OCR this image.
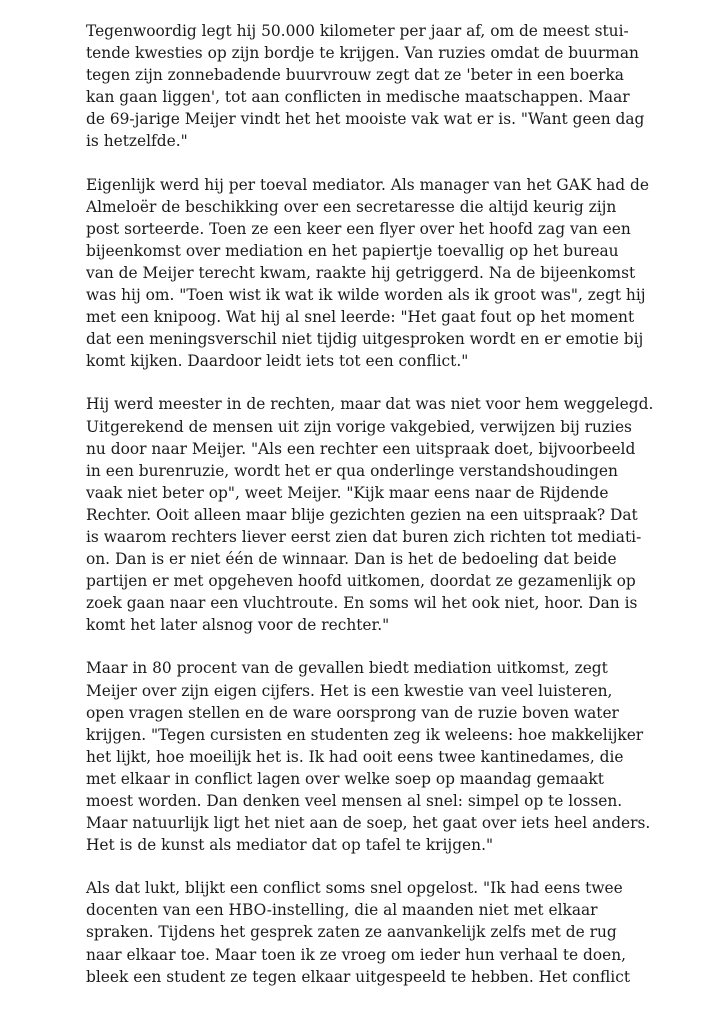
Tegenwoordig legt hij 50.000 kilometer per jaar af, om de meest stui-
tende kwesties op zijn bordje te krijgen. Van ruzies omdat de buurman
tegen zijn zonnebadende buurvrouw zegt dat ze 'beter in een boerka
kan gaan liggen', tot aan conflicten in medische maatschappen. Maar
de 69-jarige Meijer vindt het het mooiste vak wat er is. "Want geen dag
is hetzelfde."

Eigenlijk werd hij per toeval mediator. Als manager van het GAK had de
Almeloër de beschikking over een secretaresse die altijd keurig zijn
post sorteerde. Toen ze een keer een flyer over het hoofd zag van een
bijeenkomst over mediation en het papiertje toevallig op het bureau
van de Meijer terecht kwam, raakte hij getriggerd. Na de bijeenkomst
was hij om. "Toen wist ik wat ik wilde worden als ik groot was", zegt hij
met een knipoog. Wat hij al snel leerde: "Het gaat fout op het moment
dat een meningsverschil niet tijdig uitgesproken wordt en er emotie bij
komt kijken. Daardoor leidt iets tot een conflict."

Hij werd meester in de rechten, maar dat was niet voor hem weggelegd.
Uitgerekend de mensen uit zijn vorige vakgebied, verwijzen bij ruzies
nu door naar Meijer. "Als een rechter een uitspraak doet, bijvoorbeeld
in een burenruzie, wordt het er qua onderlinge verstandshoudingen
vaak niet beter op", weet Meijer. "Kijk maar eens naar de Rijdende
Rechter. Ooit alleen maar blije gezichten gezien na een uitspraak? Dat
is waarom rechters liever eerst zien dat buren zich richten tot mediati-
on. Dan is er niet één de winnaar. Dan is het de bedoeling dat beide
partijen er met opgeheven hoofd uitkomen, doordat ze gezamenlijk op
zoek gaan naar een vluchtroute. En soms wil het ook niet, hoor. Dan is
komt het later alsnog voor de rechter."

Maar in 80 procent van de gevallen biedt mediation uitkomst, zegt
Meijer over zijn eigen cijfers. Het is een kwestie van veel luisteren,
open vragen stellen en de ware oorsprong van de ruzie boven water
krijgen. "Tegen cursisten en studenten zeg ik weleens: hoe makkelijker
het lijkt, hoe moeilijk het is. Ik had ooit eens twee kantinedames, die
met elkaar in conflict lagen over welke soep op maandag gemaakt
moest worden. Dan denken veel mensen al snel: simpel op te lossen.
Maar natuurlijk ligt het niet aan de soep, het gaat over iets heel anders.
Het is de kunst als mediator dat op tafel te krijgen."

Als dat lukt, blijkt een conflict soms snel opgelost. "Ik had eens twee
docenten van een HBO-instelling, die al maanden niet met elkaar
spraken. Tijdens het gesprek zaten ze aanvankelijk zelfs met de rug
naar elkaar toe. Maar toen ik ze vroeg om ieder hun verhaal te doen,
bleek een student ze tegen elkaar uitgespeeld te hebben. Het conflict
